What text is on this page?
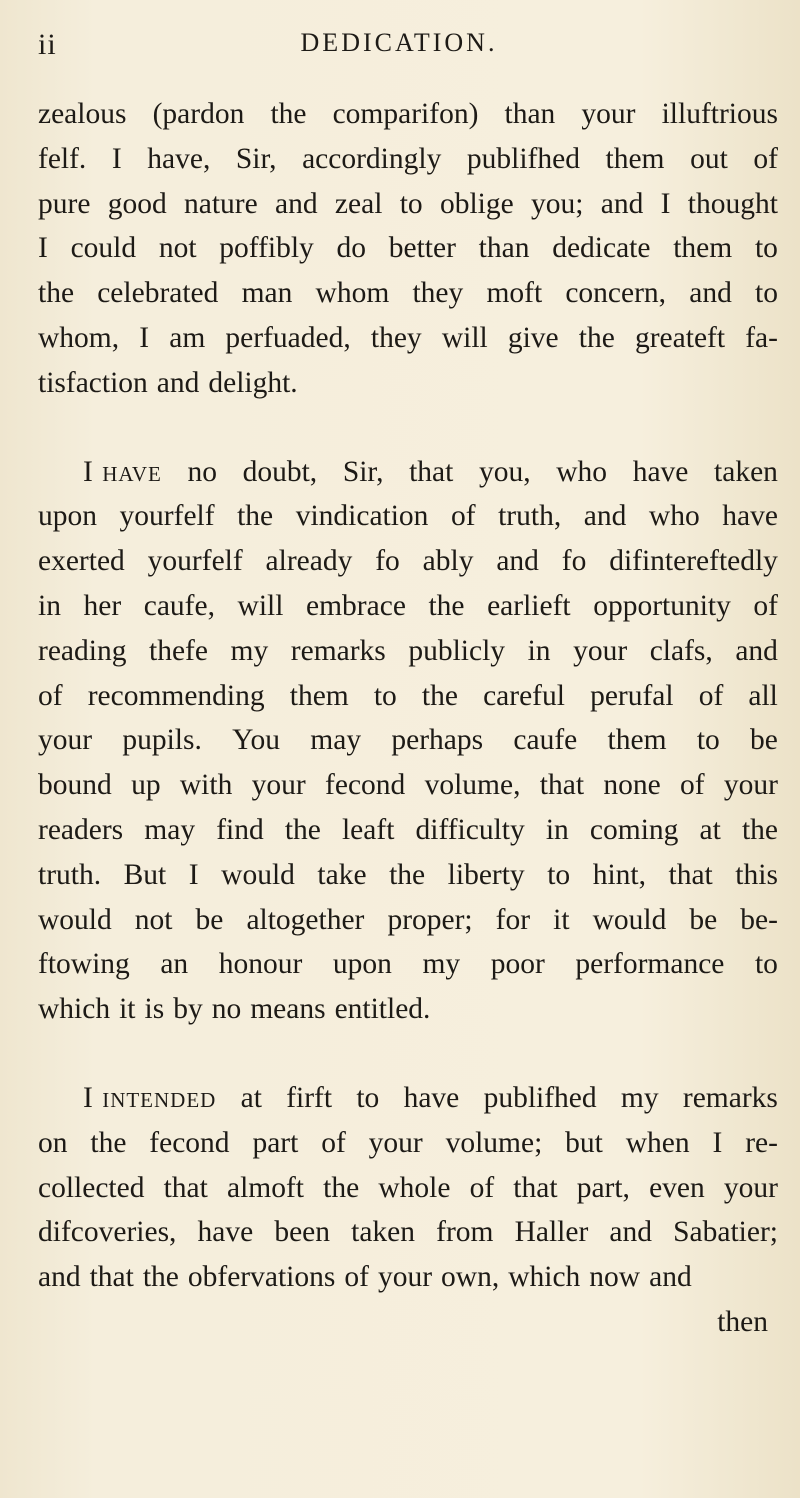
ii	DEDICATION.
zealous (pardon the comparifon) than your illuftrious
felf. I have, Sir, accordingly publifhed them out of
pure good nature and zeal to oblige you; and I thought
I could not poffibly do better than dedicate them to
the celebrated man whom they moft concern, and to
whom, I am perfuaded, they will give the greateft fa-
tisfaction and delight.
I have no doubt, Sir, that you, who have taken
upon yourfelf the vindication of truth, and who have
exerted yourfelf already fo ably and fo difintereftedly
in her caufe, will embrace the earlieft opportunity of
reading thefe my remarks publicly in your clafs, and
of recommending them to the careful perufal of all
your pupils. You may perhaps caufe them to be
bound up with your fecond volume, that none of your
readers may find the leaft difficulty in coming at the
truth. But I would take the liberty to hint, that this
would not be altogether proper; for it would be be-
ftowing an honour upon my poor performance to
which it is by no means entitled.
I intended at firft to have publifhed my remarks
on the fecond part of your volume; but when I re-
collected that almoft the whole of that part, even your
difcoveries, have been taken from Haller and Sabatier;
and that the obfervations of your own, which now and
then
